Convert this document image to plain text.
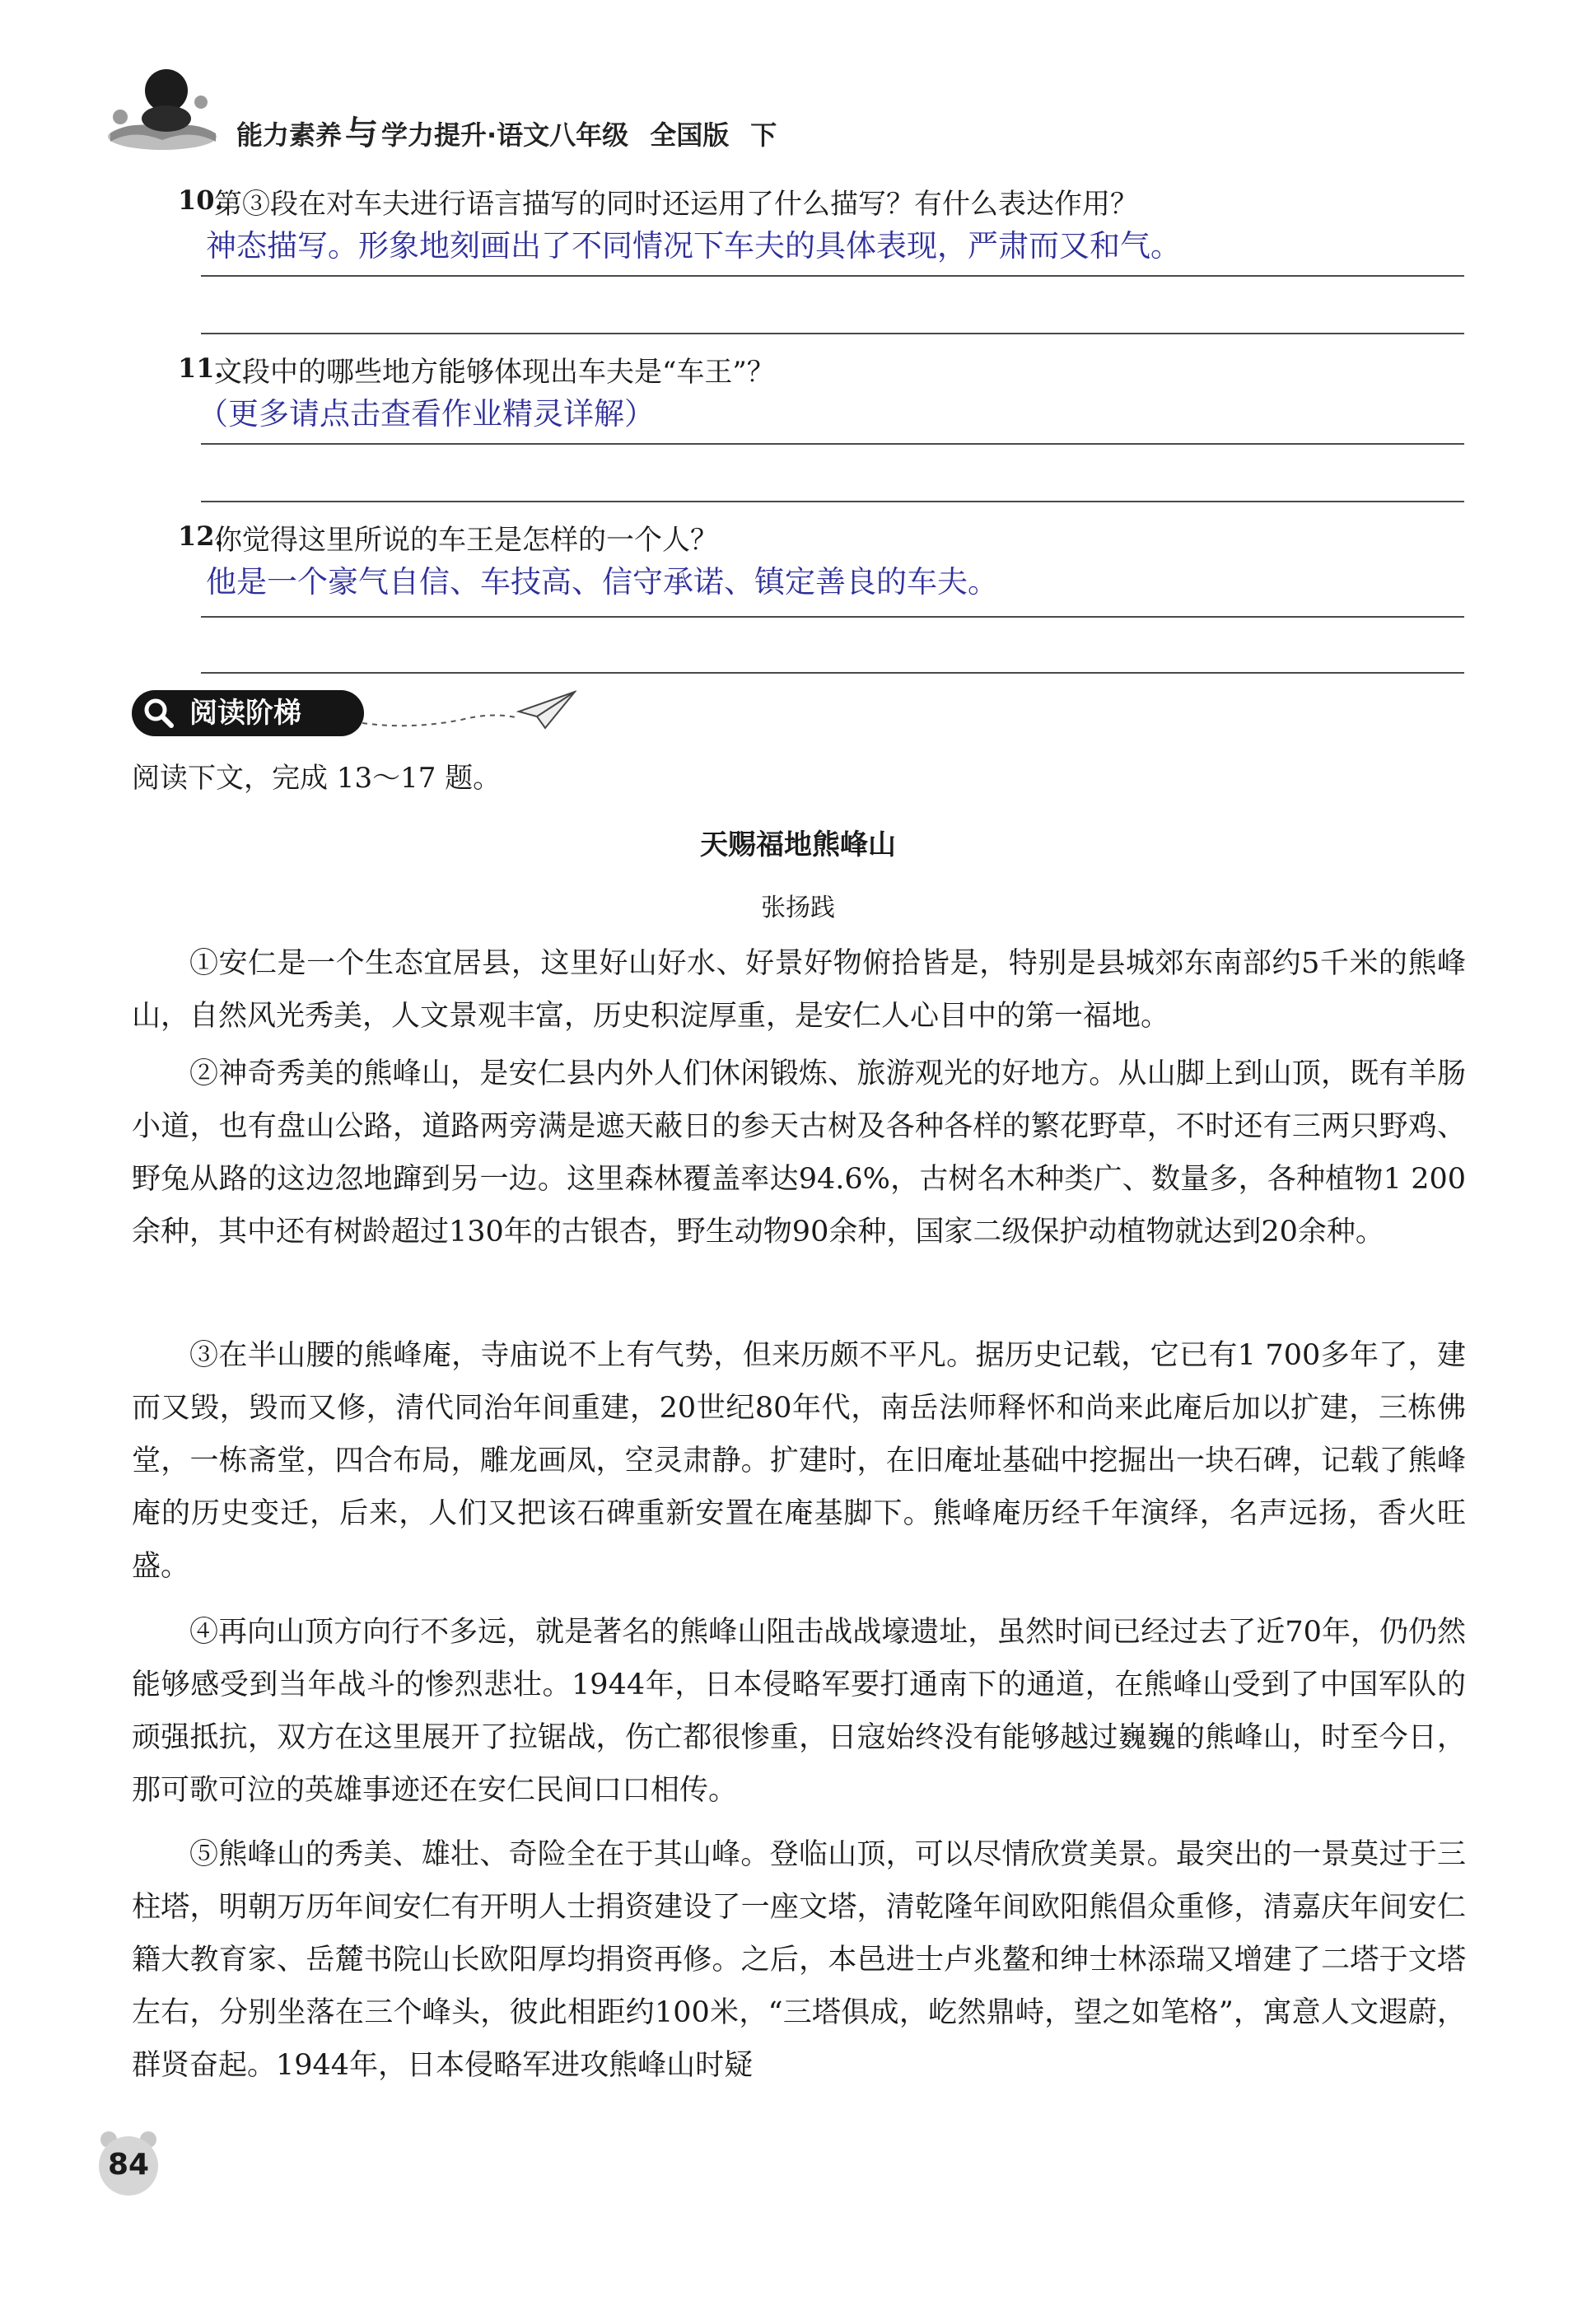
能力素养 与 学力提升·语文八年级 全国版 下
10.
第③段在对车夫进行语言描写的同时还运用了什么描写？有什么表达作用？
神态描写。形象地刻画出了不同情况下车夫的具体表现，严肃而又和气。
11.
文段中的哪些地方能够体现出车夫是“车王”？
（更多请点击查看作业精灵详解）
12.
你觉得这里所说的车王是怎样的一个人？
他是一个豪气自信、车技高、信守承诺、镇定善良的车夫。
阅读阶梯
阅读下文，完成 13～17 题。
天赐福地熊峰山
张扬践
①安仁是一个生态宜居县，这里好山好水、好景好物俯拾皆是，特别是县城郊东南部约5千米的熊峰山，自然风光秀美，人文景观丰富，历史积淀厚重，是安仁人心目中的第一福地。
②神奇秀美的熊峰山，是安仁县内外人们休闲锻炼、旅游观光的好地方。从山脚上到山顶，既有羊肠小道，也有盘山公路，道路两旁满是遮天蔽日的参天古树及各种各样的繁花野草，不时还有三两只野鸡、野兔从路的这边忽地蹿到另一边。这里森林覆盖率达94.6%，古树名木种类广、数量多，各种植物1 200余种，其中还有树龄超过130年的古银杏，野生动物90余种，国家二级保护动植物就达到20余种。
③在半山腰的熊峰庵，寺庙说不上有气势，但来历颇不平凡。据历史记载，它已有1 700多年了，建而又毁，毁而又修，清代同治年间重建，20世纪80年代，南岳法师释怀和尚来此庵后加以扩建，三栋佛堂，一栋斋堂，四合布局，雕龙画凤，空灵肃静。扩建时，在旧庵址基础中挖掘出一块石碑，记载了熊峰庵的历史变迁，后来，人们又把该石碑重新安置在庵基脚下。熊峰庵历经千年演绎，名声远扬，香火旺盛。
④再向山顶方向行不多远，就是著名的熊峰山阻击战战壕遗址，虽然时间已经过去了近70年，仍仍然能够感受到当年战斗的惨烈悲壮。1944年，日本侵略军要打通南下的通道，在熊峰山受到了中国军队的顽强抵抗，双方在这里展开了拉锯战，伤亡都很惨重，日寇始终没有能够越过巍巍的熊峰山，时至今日，那可歌可泣的英雄事迹还在安仁民间口口相传。
⑤熊峰山的秀美、雄壮、奇险全在于其山峰。登临山顶，可以尽情欣赏美景。最突出的一景莫过于三柱塔，明朝万历年间安仁有开明人士捐资建设了一座文塔，清乾隆年间欧阳熊倡众重修，清嘉庆年间安仁籍大教育家、岳麓书院山长欧阳厚均捐资再修。之后，本邑进士卢兆鳌和绅士林添瑞又增建了二塔于文塔左右，分别坐落在三个峰头，彼此相距约100米，“三塔俱成，屹然鼎峙，望之如笔格”，寓意人文遐蔚，群贤奋起。1944年，日本侵略军进攻熊峰山时疑
84
